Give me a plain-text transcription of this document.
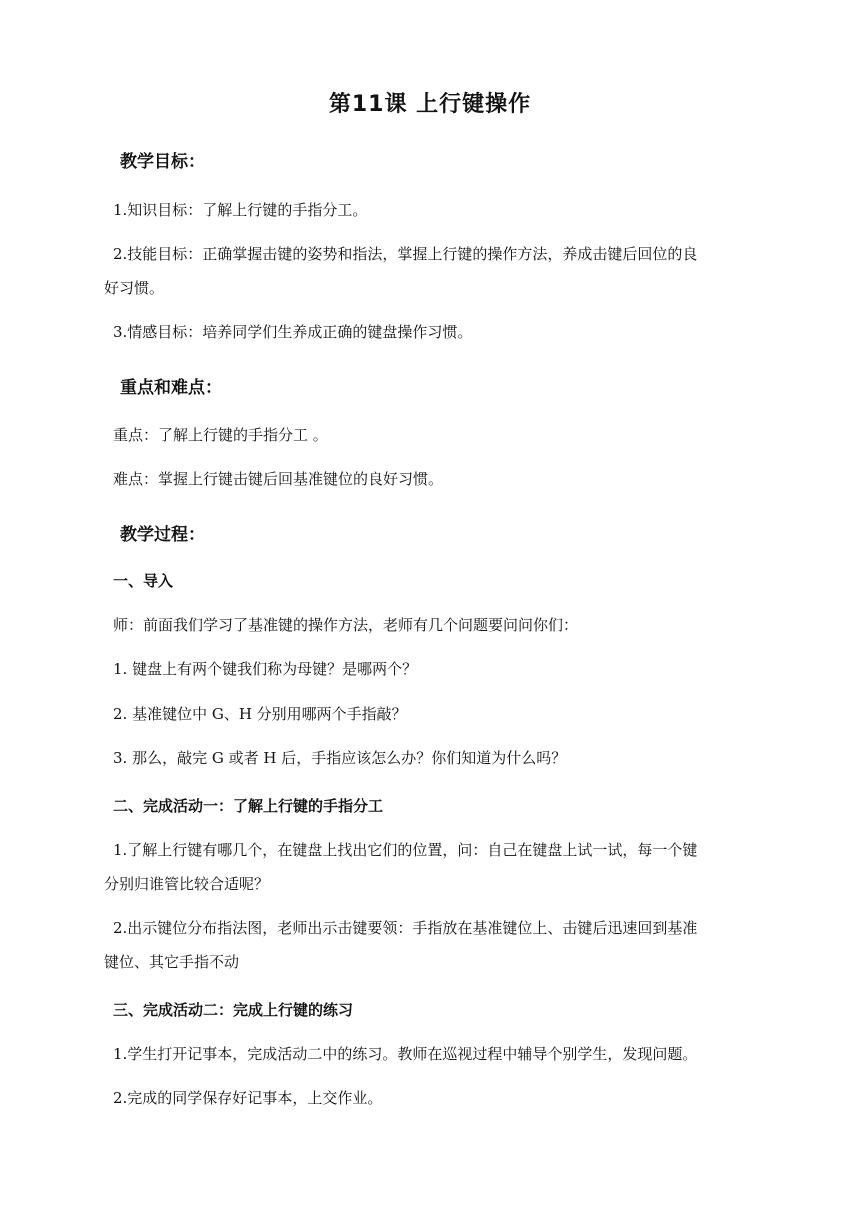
第11课 上行键操作
教学目标：
1.知识目标：了解上行键的手指分工。
2.技能目标：正确掌握击键的姿势和指法，掌握上行键的操作方法，养成击键后回位的良
好习惯。
3.情感目标：培养同学们生养成正确的键盘操作习惯。
重点和难点：
重点：了解上行键的手指分工 。
难点：掌握上行键击键后回基准键位的良好习惯。
教学过程：
一、导入
师：前面我们学习了基准键的操作方法，老师有几个问题要问问你们：
1. 键盘上有两个键我们称为母键？是哪两个？
2. 基准键位中 G、H 分别用哪两个手指敲？
3. 那么，敲完 G 或者 H 后，手指应该怎么办？你们知道为什么吗？
二、完成活动一：了解上行键的手指分工
1.了解上行键有哪几个，在键盘上找出它们的位置，问：自己在键盘上试一试，每一个键
分别归谁管比较合适呢？
2.出示键位分布指法图，老师出示击键要领：手指放在基准键位上、击键后迅速回到基准
键位、其它手指不动
三、完成活动二：完成上行键的练习
1.学生打开记事本，完成活动二中的练习。教师在巡视过程中辅导个别学生，发现问题。
2.完成的同学保存好记事本，上交作业。
